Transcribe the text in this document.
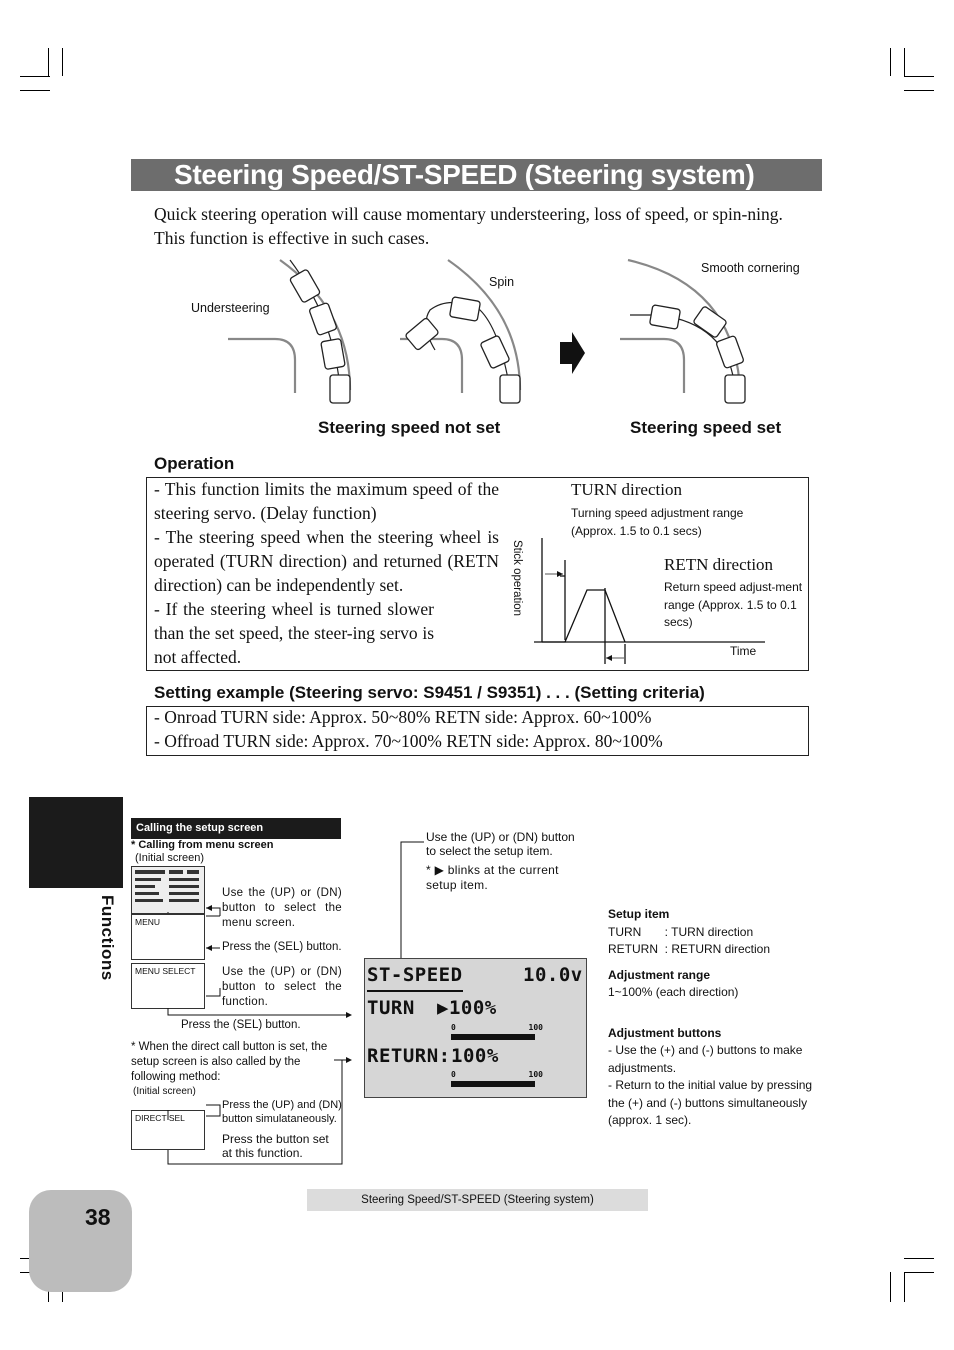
Steering Speed/ST-SPEED (Steering system)
Quick steering operation will cause momentary understeering, loss of speed, or spin-ning. This function is effective in such cases.
Understeering
Spin
Smooth cornering
Steering speed not set	Steering speed set
Operation
- This function limits the maximum speed of the steering servo. (Delay function)
- The steering speed when the steering wheel is operated (TURN direction) and returned (RETN direction) can be independently set.
- If the steering wheel is turned slower than the set speed, the steer-ing servo is not affected.
TURN direction
Turning speed adjustment range (Approx. 1.5 to 0.1 secs)
RETN direction
Return speed adjust-ment range (Approx. 1.5 to 0.1 secs)
Stick operation
Time
Setting example (Steering servo: S9451 / S9351) . . . (Setting criteria)
- Onroad TURN side: Approx. 50~80% RETN side: Approx. 60~100%
- Offroad TURN side: Approx. 70~100% RETN side: Approx. 80~100%
Functions
Calling the setup screen
* Calling from menu screen
(Initial screen)
MENU
MENU SELECT
DIRECT SEL
Use the (UP) or (DN) button to select the menu screen.
Press the (SEL) button.
Use the (UP) or (DN) button to select the function.
Press the (SEL) button.
* When the direct call button is set, the setup screen is also called by the following method:
(Initial screen)
Press the (UP) and (DN) button simulataneously.
Press the button set at this function.
Use the (UP) or (DN) button to select the setup item.
* ▶ blinks at the current setup item.
ST-SPEED	10.0v
TURN ▶100%
0	100
RETURN: 100%
0	100
Setup item
TURN       : TURN direction
RETURN  : RETURN direction
Adjustment range
1~100% (each direction)
Adjustment buttons
- Use the (+) and (-) buttons to make adjustments.
- Return to the initial value by pressing the (+) and (-) buttons simultaneously (approx. 1 sec).
38
Steering Speed/ST-SPEED (Steering system)
